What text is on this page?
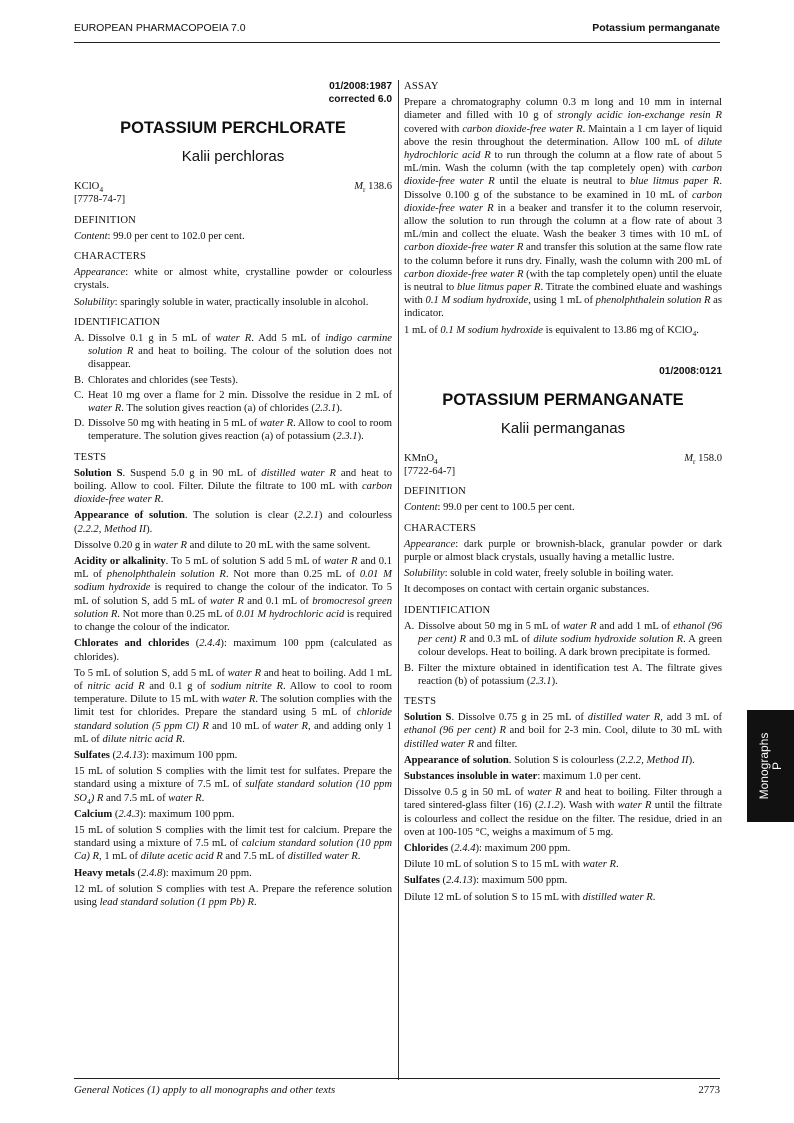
EUROPEAN PHARMACOPOEIA 7.0	Potassium permanganate
01/2008:1987
corrected 6.0
POTASSIUM PERCHLORATE
Kalii perchloras
KClO$_4$	$M_r$ 138.6

[7778-74-7]

DEFINITION

Content: 99.0 per cent to 102.0 per cent.

CHARACTERS

Appearance: white or almost white, crystalline powder or colourless crystals.

Solubility: sparingly soluble in water, practically insoluble in alcohol.

IDENTIFICATION
A. Dissolve 0.1 g in 5 mL of water R. Add 5 mL of indigo carmine solution R and heat to boiling. The colour of the solution does not disappear.
B. Chlorates and chlorides (see Tests).
C. Heat 10 mg over a flame for 2 min. Dissolve the residue in 2 mL of water R. The solution gives reaction (a) of chlorides (2.3.1).
D. Dissolve 50 mg with heating in 5 mL of water R. Allow to cool to room temperature. The solution gives reaction (a) of potassium (2.3.1).
TESTS

Solution S. Suspend 5.0 g in 90 mL of distilled water R and heat to boiling. Allow to cool. Filter. Dilute the filtrate to 100 mL with carbon dioxide-free water R.

Appearance of solution. The solution is clear (2.2.1) and colourless (2.2.2, Method II).

Dissolve 0.20 g in water R and dilute to 20 mL with the same solvent.

Acidity or alkalinity. To 5 mL of solution S add 5 mL of water R and 0.1 mL of phenolphthalein solution R. Not more than 0.25 mL of 0.01 M sodium hydroxide is required to change the colour of the indicator. To 5 mL of solution S, add 5 mL of water R and 0.1 mL of bromocresol green solution R. Not more than 0.25 mL of 0.01 M hydrochloric acid is required to change the colour of the indicator.

Chlorates and chlorides (2.4.4): maximum 100 ppm (calculated as chlorides).

To 5 mL of solution S, add 5 mL of water R and heat to boiling. Add 1 mL of nitric acid R and 0.1 g of sodium nitrite R. Allow to cool to room temperature. Dilute to 15 mL with water R. The solution complies with the limit test for chlorides. Prepare the standard using 5 mL of chloride standard solution (5 ppm Cl) R and 10 mL of water R, and adding only 1 mL of dilute nitric acid R.

Sulfates (2.4.13): maximum 100 ppm.

15 mL of solution S complies with the limit test for sulfates. Prepare the standard using a mixture of 7.5 mL of sulfate standard solution (10 ppm $SO_4$) R and 7.5 mL of water R.

Calcium (2.4.3): maximum 100 ppm.

15 mL of solution S complies with the limit test for calcium. Prepare the standard using a mixture of 7.5 mL of calcium standard solution (10 ppm Ca) R, 1 mL of dilute acetic acid R and 7.5 mL of distilled water R.

Heavy metals (2.4.8): maximum 20 ppm.

12 mL of solution S complies with test A. Prepare the reference solution using lead standard solution (1 ppm Pb) R.

ASSAY

Prepare a chromatography column 0.3 m long and 10 mm in internal diameter and filled with 10 g of strongly acidic ion-exchange resin R covered with carbon dioxide-free water R. Maintain a 1 cm layer of liquid above the resin throughout the determination. Allow 100 mL of dilute hydrochloric acid R to run through the column at a flow rate of about 5 mL/min. Wash the column (with the tap completely open) with carbon dioxide-free water R until the eluate is neutral to blue litmus paper R. Dissolve 0.100 g of the substance to be examined in 10 mL of carbon dioxide-free water R in a beaker and transfer it to the column reservoir, allow the solution to run through the column at a flow rate of about 3 mL/min and collect the eluate. Wash the beaker 3 times with 10 mL of carbon dioxide-free water R and transfer this solution at the same flow rate to the column before it runs dry. Finally, wash the column with 200 mL of carbon dioxide-free water R (with the tap completely open) until the eluate is neutral to blue litmus paper R. Titrate the combined eluate and washings with 0.1 M sodium hydroxide, using 1 mL of phenolphthalein solution R as indicator.

1 mL of 0.1 M sodium hydroxide is equivalent to 13.86 mg of KClO$_4$.

01/2008:0121
POTASSIUM PERMANGANATE
Kalii permanganas
KMnO$_4$	$M_r$ 158.0

[7722-64-7]

DEFINITION

Content: 99.0 per cent to 100.5 per cent.

CHARACTERS

Appearance: dark purple or brownish-black, granular powder or dark purple or almost black crystals, usually having a metallic lustre.

Solubility: soluble in cold water, freely soluble in boiling water.

It decomposes on contact with certain organic substances.

IDENTIFICATION
A. Dissolve about 50 mg in 5 mL of water R and add 1 mL of ethanol (96 per cent) R and 0.3 mL of dilute sodium hydroxide solution R. A green colour develops. Heat to boiling. A dark brown precipitate is formed.
B. Filter the mixture obtained in identification test A. The filtrate gives reaction (b) of potassium (2.3.1).
TESTS

Solution S. Dissolve 0.75 g in 25 mL of distilled water R, add 3 mL of ethanol (96 per cent) R and boil for 2-3 min. Cool, dilute to 30 mL with distilled water R and filter.

Appearance of solution. Solution S is colourless (2.2.2, Method II).

Substances insoluble in water: maximum 1.0 per cent.

Dissolve 0.5 g in 50 mL of water R and heat to boiling. Filter through a tared sintered-glass filter (16) (2.1.2). Wash with water R until the filtrate is colourless and collect the residue on the filter. The residue, dried in an oven at 100-105 °C, weighs a maximum of 5 mg.

Chlorides (2.4.4): maximum 200 ppm.

Dilute 10 mL of solution S to 15 mL with water R.

Sulfates (2.4.13): maximum 500 ppm.

Dilute 12 mL of solution S to 15 mL with distilled water R.

Monographs P
General Notices (1) apply to all monographs and other texts	2773
